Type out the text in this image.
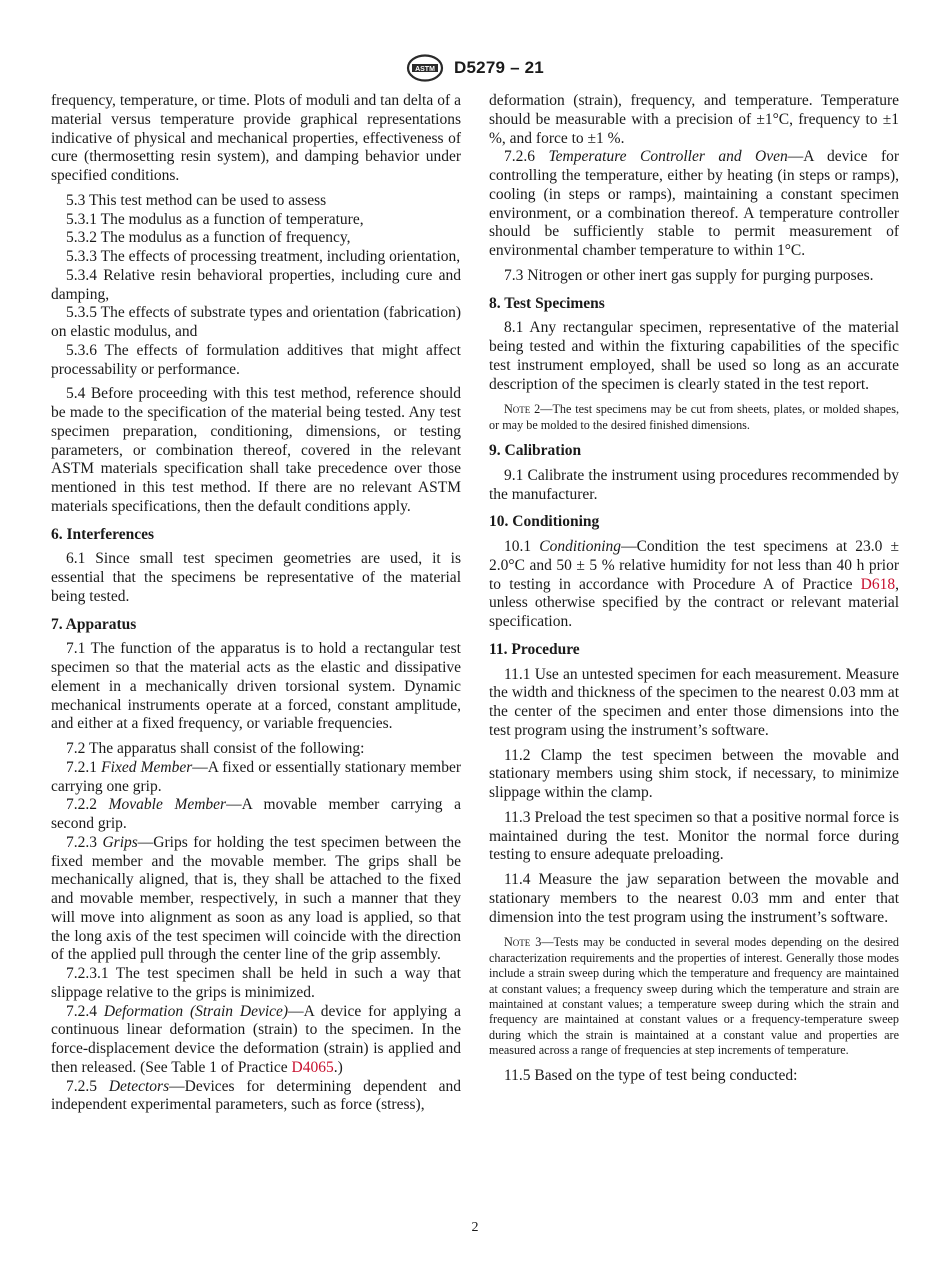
ASTM D5279 – 21

frequency, temperature, or time. Plots of moduli and tan delta of a material versus temperature provide graphical representations indicative of physical and mechanical properties, effectiveness of cure (thermosetting resin system), and damping behavior under specified conditions.

5.3 This test method can be used to assess

5.3.1 The modulus as a function of temperature,

5.3.2 The modulus as a function of frequency,

5.3.3 The effects of processing treatment, including orientation,

5.3.4 Relative resin behavioral properties, including cure and damping,

5.3.5 The effects of substrate types and orientation (fabrication) on elastic modulus, and

5.3.6 The effects of formulation additives that might affect processability or performance.

5.4 Before proceeding with this test method, reference should be made to the specification of the material being tested. Any test specimen preparation, conditioning, dimensions, or testing parameters, or combination thereof, covered in the relevant ASTM materials specification shall take precedence over those mentioned in this test method. If there are no relevant ASTM materials specifications, then the default conditions apply.

6. Interferences

6.1 Since small test specimen geometries are used, it is essential that the specimens be representative of the material being tested.

7. Apparatus

7.1 The function of the apparatus is to hold a rectangular test specimen so that the material acts as the elastic and dissipative element in a mechanically driven torsional system. Dynamic mechanical instruments operate at a forced, constant amplitude, and either at a fixed frequency, or variable frequencies.

7.2 The apparatus shall consist of the following:

7.2.1 Fixed Member—A fixed or essentially stationary member carrying one grip.

7.2.2 Movable Member—A movable member carrying a second grip.

7.2.3 Grips—Grips for holding the test specimen between the fixed member and the movable member. The grips shall be mechanically aligned, that is, they shall be attached to the fixed and movable member, respectively, in such a manner that they will move into alignment as soon as any load is applied, so that the long axis of the test specimen will coincide with the direction of the applied pull through the center line of the grip assembly.

7.2.3.1 The test specimen shall be held in such a way that slippage relative to the grips is minimized.

7.2.4 Deformation (Strain Device)—A device for applying a continuous linear deformation (strain) to the specimen. In the force-displacement device the deformation (strain) is applied and then released. (See Table 1 of Practice D4065.)

7.2.5 Detectors—Devices for determining dependent and independent experimental parameters, such as force (stress),

deformation (strain), frequency, and temperature. Temperature should be measurable with a precision of ±1°C, frequency to ±1 %, and force to ±1 %.

7.2.6 Temperature Controller and Oven—A device for controlling the temperature, either by heating (in steps or ramps), cooling (in steps or ramps), maintaining a constant specimen environment, or a combination thereof. A temperature controller should be sufficiently stable to permit measurement of environmental chamber temperature to within 1°C.

7.3 Nitrogen or other inert gas supply for purging purposes.

8. Test Specimens

8.1 Any rectangular specimen, representative of the material being tested and within the fixturing capabilities of the specific test instrument employed, shall be used so long as an accurate description of the specimen is clearly stated in the test report.

Note 2—The test specimens may be cut from sheets, plates, or molded shapes, or may be molded to the desired finished dimensions.

9. Calibration

9.1 Calibrate the instrument using procedures recommended by the manufacturer.

10. Conditioning

10.1 Conditioning—Condition the test specimens at 23.0 ± 2.0°C and 50 ± 5 % relative humidity for not less than 40 h prior to testing in accordance with Procedure A of Practice D618, unless otherwise specified by the contract or relevant material specification.

11. Procedure

11.1 Use an untested specimen for each measurement. Measure the width and thickness of the specimen to the nearest 0.03 mm at the center of the specimen and enter those dimensions into the test program using the instrument’s software.

11.2 Clamp the test specimen between the movable and stationary members using shim stock, if necessary, to minimize slippage within the clamp.

11.3 Preload the test specimen so that a positive normal force is maintained during the test. Monitor the normal force during testing to ensure adequate preloading.

11.4 Measure the jaw separation between the movable and stationary members to the nearest 0.03 mm and enter that dimension into the test program using the instrument’s software.

Note 3—Tests may be conducted in several modes depending on the desired characterization requirements and the properties of interest. Generally those modes include a strain sweep during which the temperature and frequency are maintained at constant values; a frequency sweep during which the temperature and strain are maintained at constant values; a temperature sweep during which the strain and frequency are maintained at constant values or a frequency-temperature sweep during which the strain is maintained at a constant value and properties are measured across a range of frequencies at step increments of temperature.

11.5 Based on the type of test being conducted:

2
